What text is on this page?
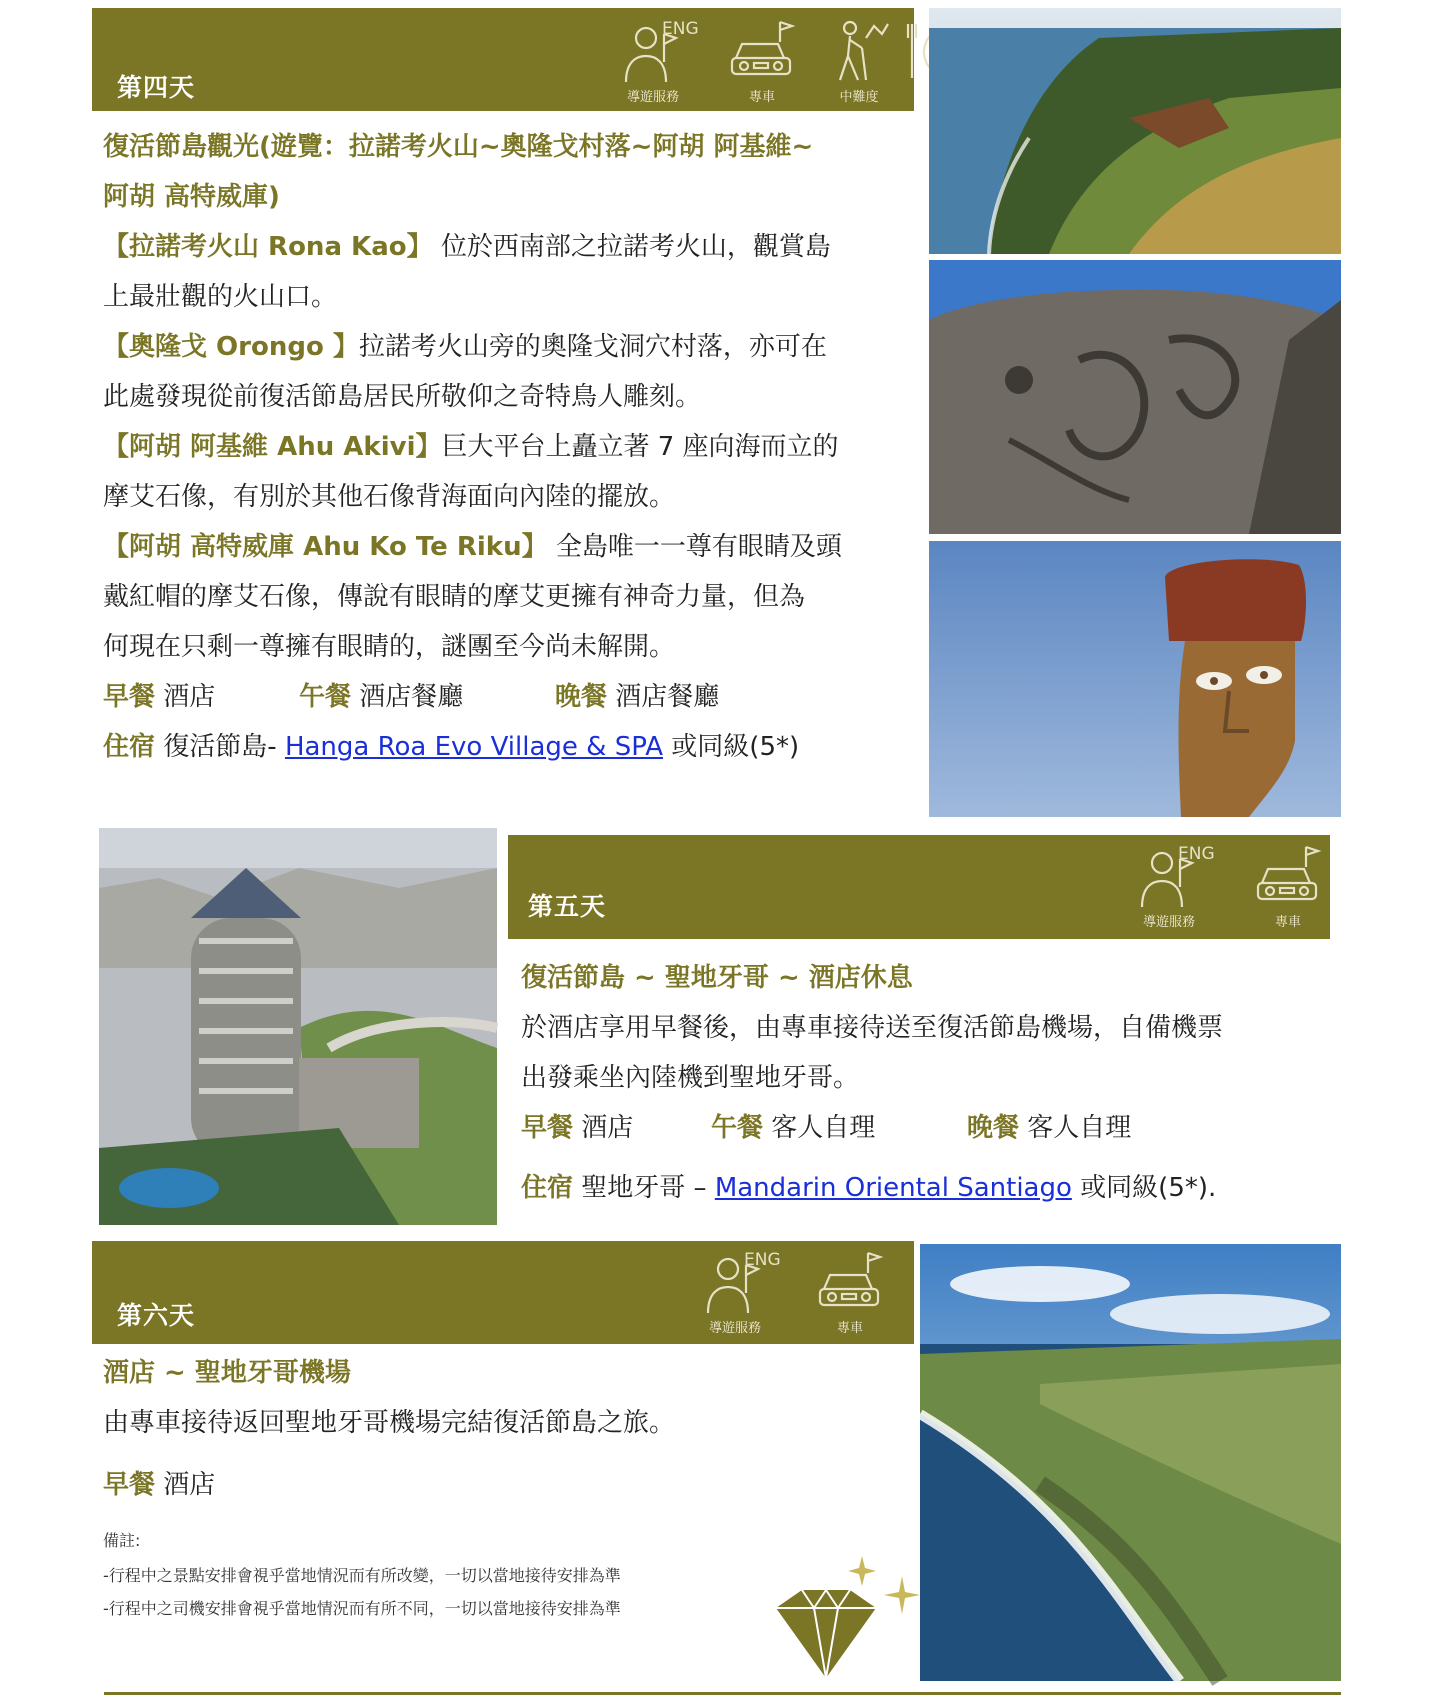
第四天
ENG
導遊服務	專車	中難度

復活節島觀光(遊覽：拉諾考火山~奧隆戈村落~阿胡 阿基維~

阿胡 高特威庫)

【拉諾考火山 Rona Kao】 位於西南部之拉諾考火山，觀賞島

上最壯觀的火山口。

【奧隆戈 Orongo 】拉諾考火山旁的奧隆戈洞穴村落，亦可在

此處發現從前復活節島居民所敬仰之奇特鳥人雕刻。

【阿胡 阿基維 Ahu Akivi】巨大平台上矗立著 7 座向海而立的

摩艾石像，有別於其他石像背海面向內陸的擺放。

【阿胡 高特威庫 Ahu Ko Te Riku】 全島唯一一尊有眼睛及頭

戴紅帽的摩艾石像，傳說有眼睛的摩艾更擁有神奇力量，但為

何現在只剩一尊擁有眼睛的，謎團至今尚未解開。

早餐 酒店	午餐 酒店餐廳	晚餐 酒店餐廳

住宿 復活節島- Hanga Roa Evo Village & SPA 或同級(5*)

第五天
ENG
導遊服務	專車

復活節島 ~ 聖地牙哥 ~ 酒店休息

於酒店享用早餐後，由專車接待送至復活節島機場，自備機票

出發乘坐內陸機到聖地牙哥。

早餐 酒店	午餐 客人自理	晚餐 客人自理

住宿 聖地牙哥 – Mandarin Oriental Santiago 或同級(5*).

第六天
ENG
導遊服務	專車

酒店 ~ 聖地牙哥機場

由專車接待返回聖地牙哥機場完結復活節島之旅。

早餐 酒店

備註:
-行程中之景點安排會視乎當地情況而有所改變，一切以當地接待安排為準
-行程中之司機安排會視乎當地情況而有所不同，一切以當地接待安排為準
